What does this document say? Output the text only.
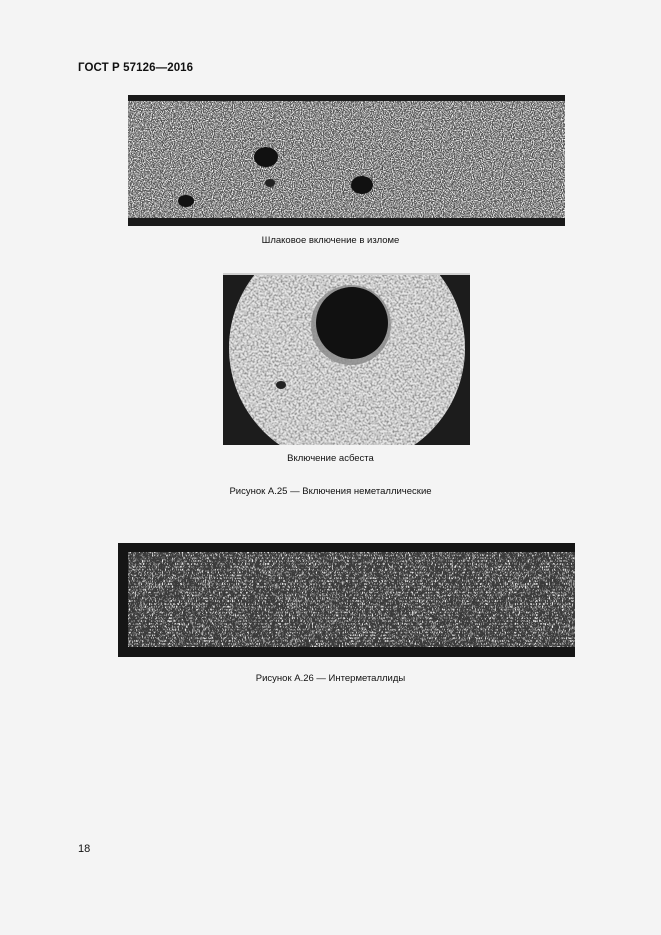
ГОСТ Р 57126—2016
Шлаковое включение в изломе
Включение асбеста
Рисунок А.25 — Включения неметаллические
Рисунок А.26 — Интерметаллиды
18
